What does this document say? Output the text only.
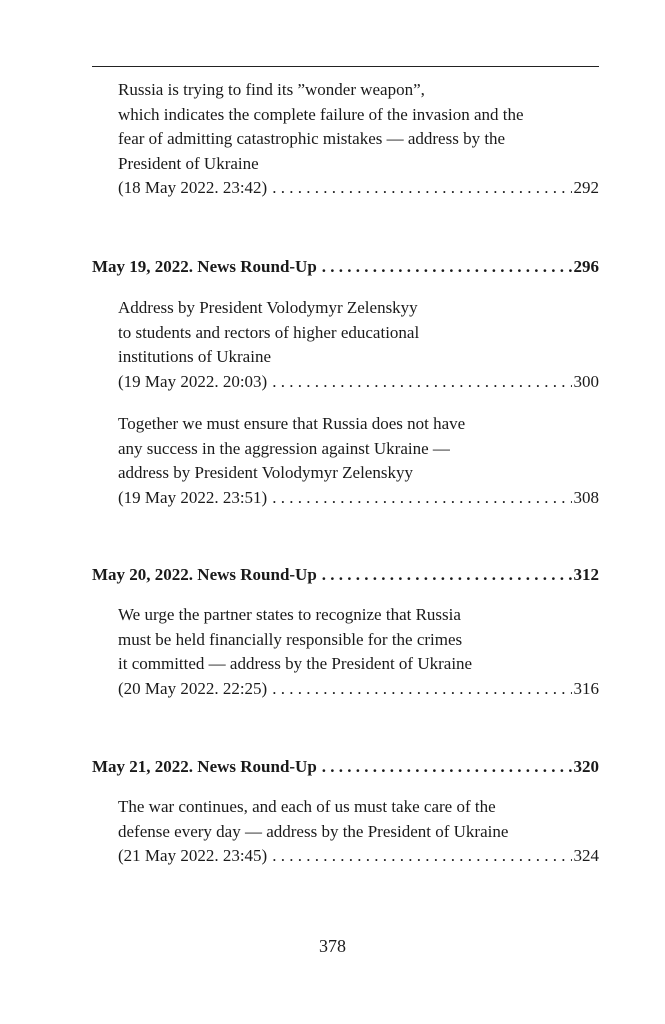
Russia is trying to find its ”wonder weapon”,
which indicates the complete failure of the invasion and the
fear of admitting catastrophic mistakes — address by the
President of Ukraine
(18 May 2022. 23:42) . . .	292
May 19, 2022. News Round-Up . . .	296
Address by President Volodymyr Zelenskyy
to students and rectors of higher educational
institutions of Ukraine
(19 May 2022. 20:03) . . .	300
Together we must ensure that Russia does not have
any success in the aggression against Ukraine —
address by President Volodymyr Zelenskyy
(19 May 2022. 23:51) . . .	308
May 20, 2022. News Round-Up . . .	312
We urge the partner states to recognize that Russia
must be held financially responsible for the crimes
it committed — address by the President of Ukraine
(20 May 2022. 22:25) . . .	316
May 21, 2022. News Round-Up . . .	320
The war continues, and each of us must take care of the
defense every day — address by the President of Ukraine
(21 May 2022. 23:45) . . .	324
378
